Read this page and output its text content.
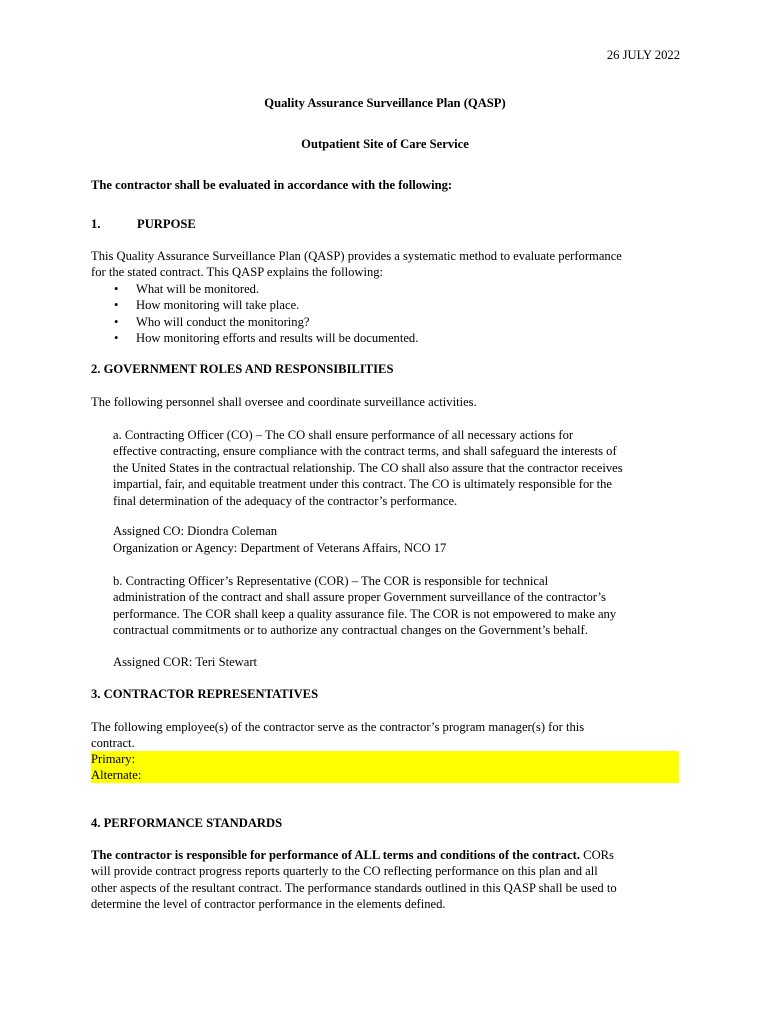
26 JULY 2022
Quality Assurance Surveillance Plan (QASP)
Outpatient Site of Care Service
The contractor shall be evaluated in accordance with the following:
1.	PURPOSE
This Quality Assurance Surveillance Plan (QASP) provides a systematic method to evaluate performance
for the stated contract. This QASP explains the following:
• What will be monitored.
• How monitoring will take place.
• Who will conduct the monitoring?
• How monitoring efforts and results will be documented.
2. GOVERNMENT ROLES AND RESPONSIBILITIES
The following personnel shall oversee and coordinate surveillance activities.
a. Contracting Officer (CO) – The CO shall ensure performance of all necessary actions for
effective contracting, ensure compliance with the contract terms, and shall safeguard the interests of
the United States in the contractual relationship. The CO shall also assure that the contractor receives
impartial, fair, and equitable treatment under this contract. The CO is ultimately responsible for the
final determination of the adequacy of the contractor’s performance.
Assigned CO: Diondra Coleman
Organization or Agency: Department of Veterans Affairs, NCO 17
b. Contracting Officer’s Representative (COR) – The COR is responsible for technical
administration of the contract and shall assure proper Government surveillance of the contractor’s
performance. The COR shall keep a quality assurance file. The COR is not empowered to make any
contractual commitments or to authorize any contractual changes on the Government’s behalf.
Assigned COR: Teri Stewart
3. CONTRACTOR REPRESENTATIVES
The following employee(s) of the contractor serve as the contractor’s program manager(s) for this
contract.
Primary:
Alternate:
4. PERFORMANCE STANDARDS
The contractor is responsible for performance of ALL terms and conditions of the contract. CORs
will provide contract progress reports quarterly to the CO reflecting performance on this plan and all
other aspects of the resultant contract. The performance standards outlined in this QASP shall be used to
determine the level of contractor performance in the elements defined.
